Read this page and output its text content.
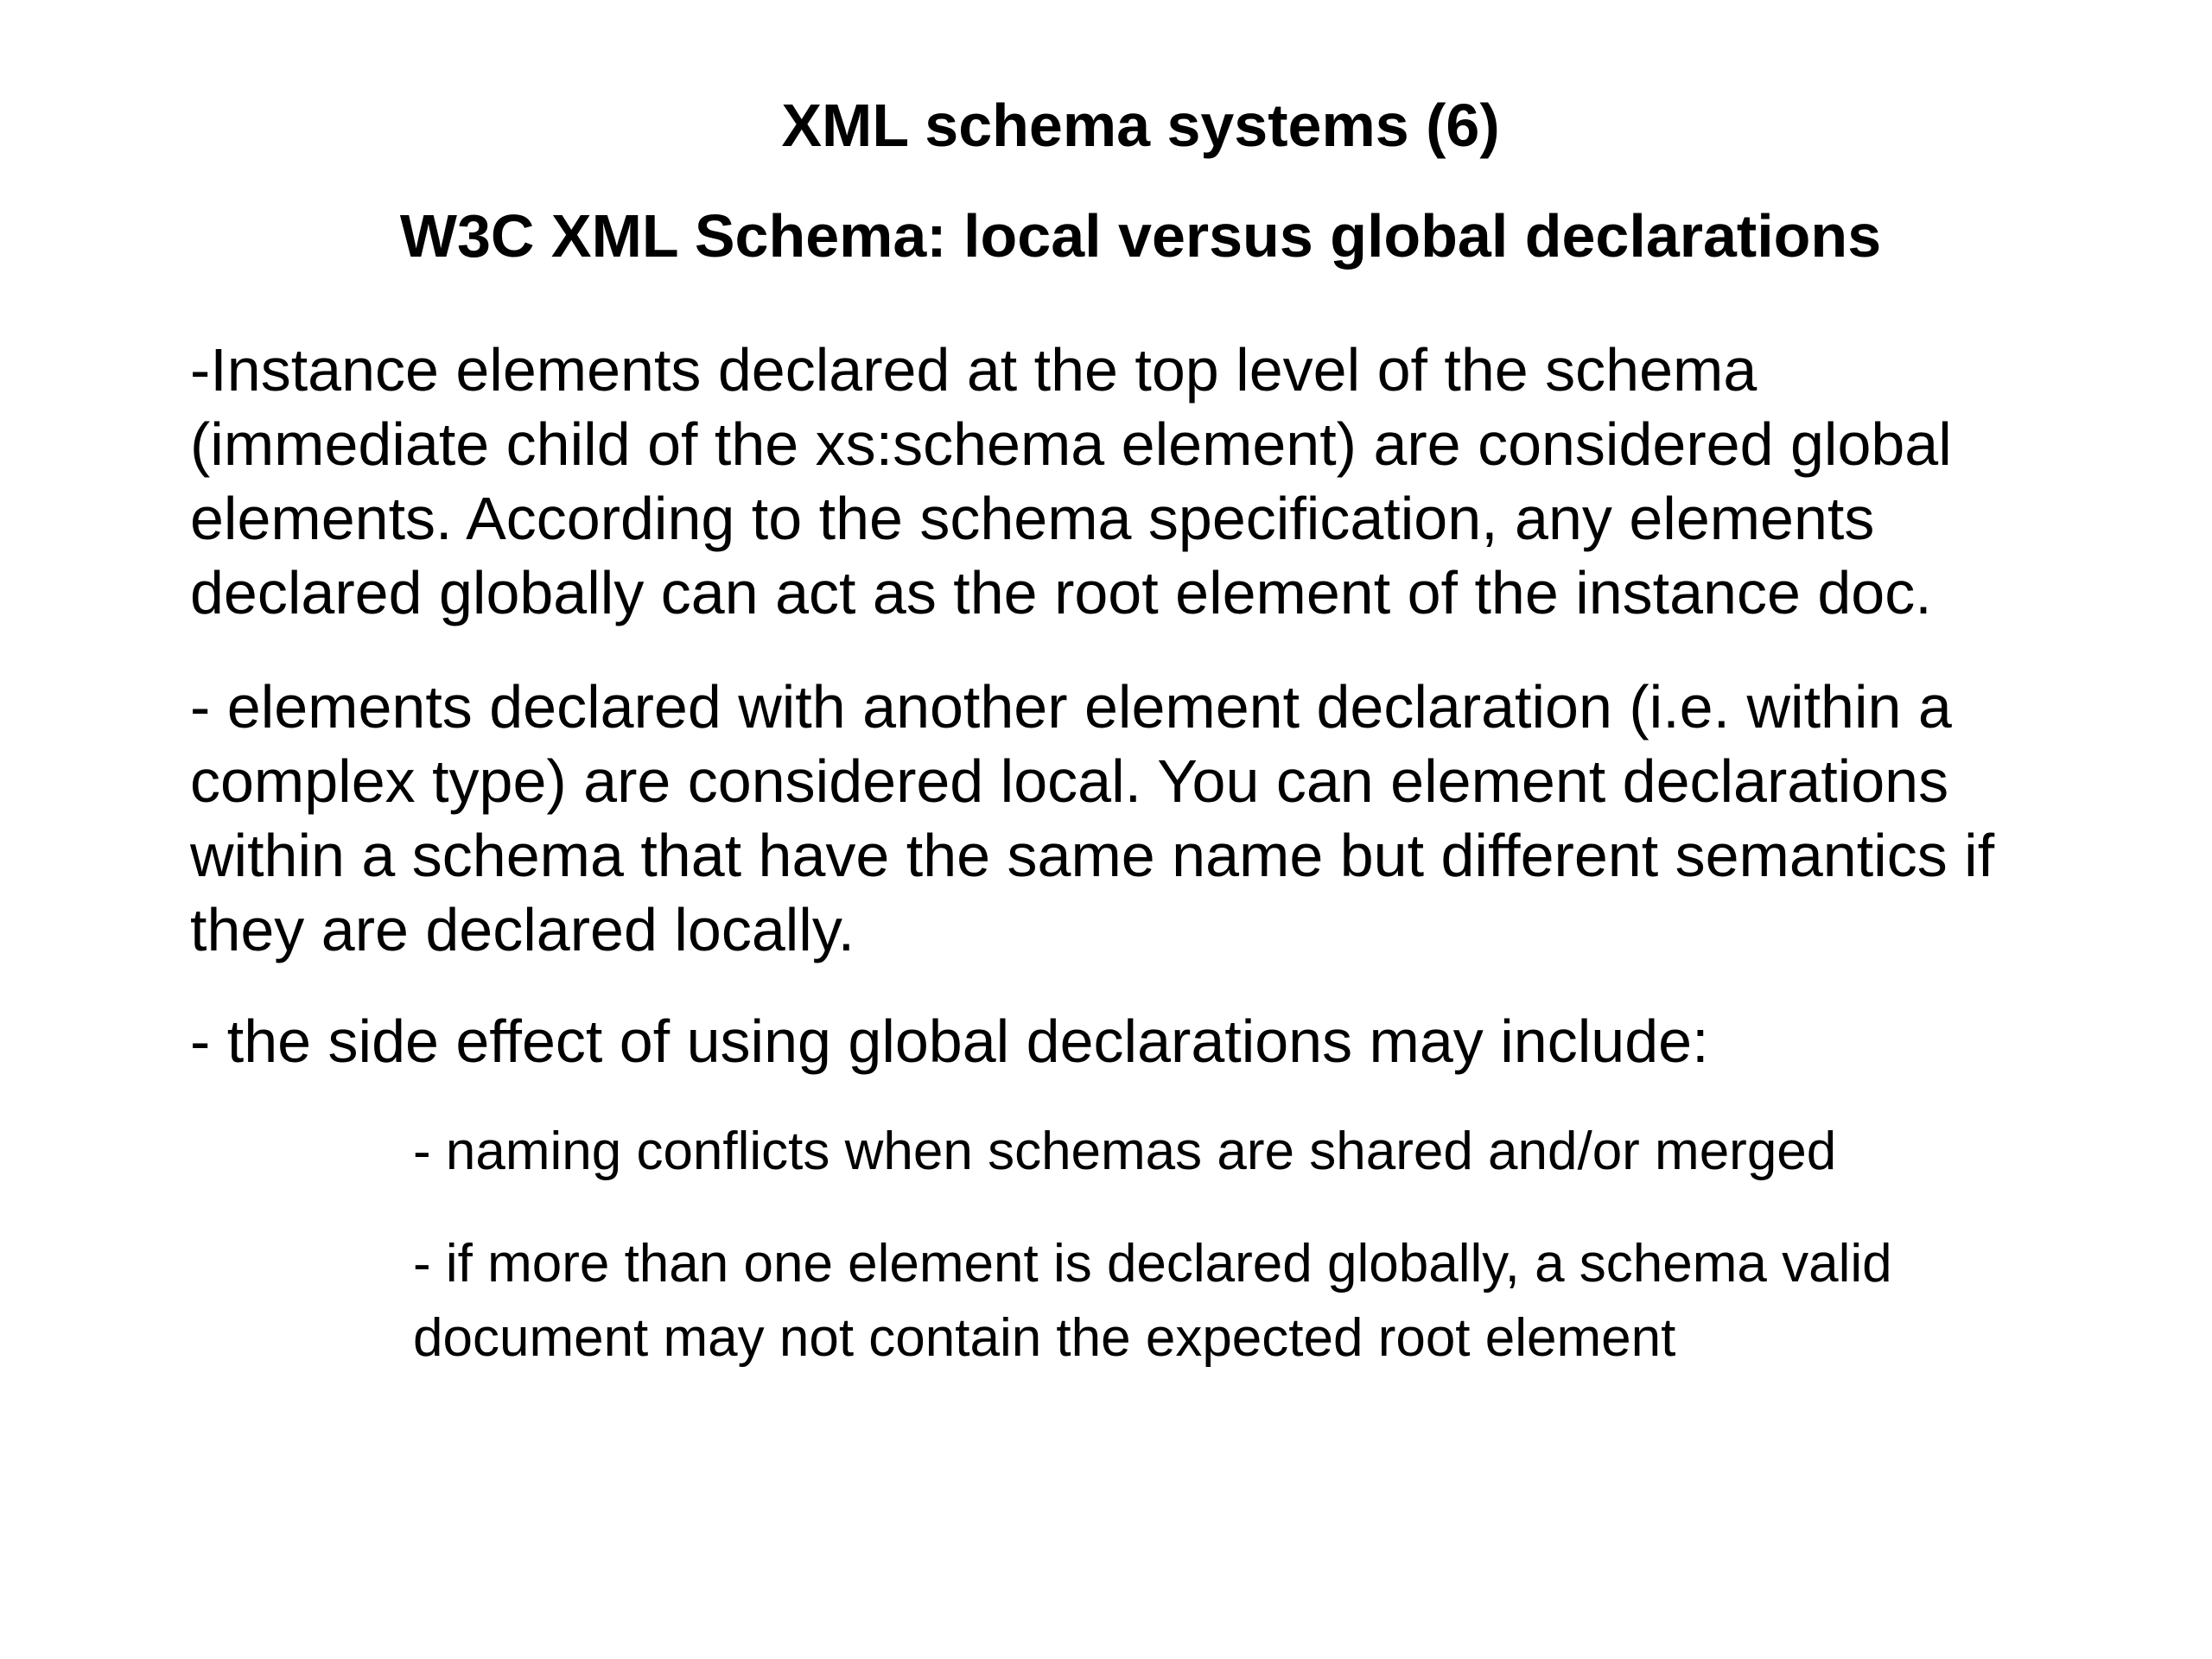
XML schema systems (6)
W3C XML Schema: local versus global declarations
-Instance elements declared at the top level of the schema
(immediate child of the xs:schema element) are considered global
elements. According to the schema specification, any elements
declared globally can act as the root element of the instance doc.
- elements declared with another element declaration (i.e. within a
complex type) are considered local. You can element declarations
within a schema that have the same name but different semantics if
they are declared locally.
- the side effect of using global declarations may include:
- naming conflicts when schemas are shared and/or merged
- if more than one element is declared globally, a schema valid
document may not contain the expected root element
